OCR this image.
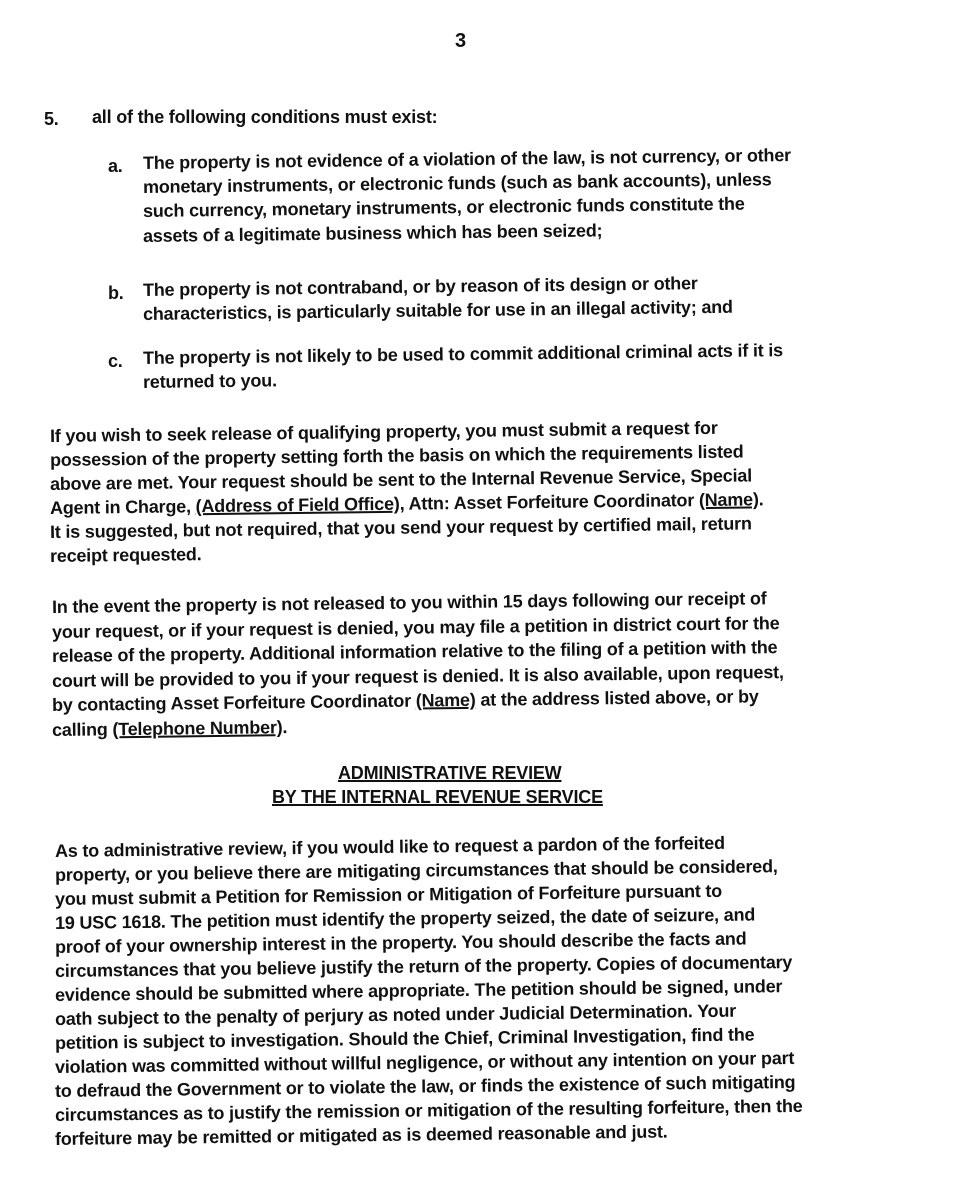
3
5. all of the following conditions must exist:
a. The property is not evidence of a violation of the law, is not currency, or other
monetary instruments, or electronic funds (such as bank accounts), unless
such currency, monetary instruments, or electronic funds constitute the
assets of a legitimate business which has been seized;
b. The property is not contraband, or by reason of its design or other
characteristics, is particularly suitable for use in an illegal activity; and
c. The property is not likely to be used to commit additional criminal acts if it is
returned to you.
If you wish to seek release of qualifying property, you must submit a request for
possession of the property setting forth the basis on which the requirements listed
above are met. Your request should be sent to the Internal Revenue Service, Special
Agent in Charge, (Address of Field Office), Attn: Asset Forfeiture Coordinator (Name).
It is suggested, but not required, that you send your request by certified mail, return
receipt requested.
In the event the property is not released to you within 15 days following our receipt of
your request, or if your request is denied, you may file a petition in district court for the
release of the property. Additional information relative to the filing of a petition with the
court will be provided to you if your request is denied. It is also available, upon request,
by contacting Asset Forfeiture Coordinator (Name) at the address listed above, or by
calling (Telephone Number).
ADMINISTRATIVE REVIEW
BY THE INTERNAL REVENUE SERVICE
As to administrative review, if you would like to request a pardon of the forfeited
property, or you believe there are mitigating circumstances that should be considered,
you must submit a Petition for Remission or Mitigation of Forfeiture pursuant to
19 USC 1618. The petition must identify the property seized, the date of seizure, and
proof of your ownership interest in the property. You should describe the facts and
circumstances that you believe justify the return of the property. Copies of documentary
evidence should be submitted where appropriate. The petition should be signed, under
oath subject to the penalty of perjury as noted under Judicial Determination. Your
petition is subject to investigation. Should the Chief, Criminal Investigation, find the
violation was committed without willful negligence, or without any intention on your part
to defraud the Government or to violate the law, or finds the existence of such mitigating
circumstances as to justify the remission or mitigation of the resulting forfeiture, then the
forfeiture may be remitted or mitigated as is deemed reasonable and just.
